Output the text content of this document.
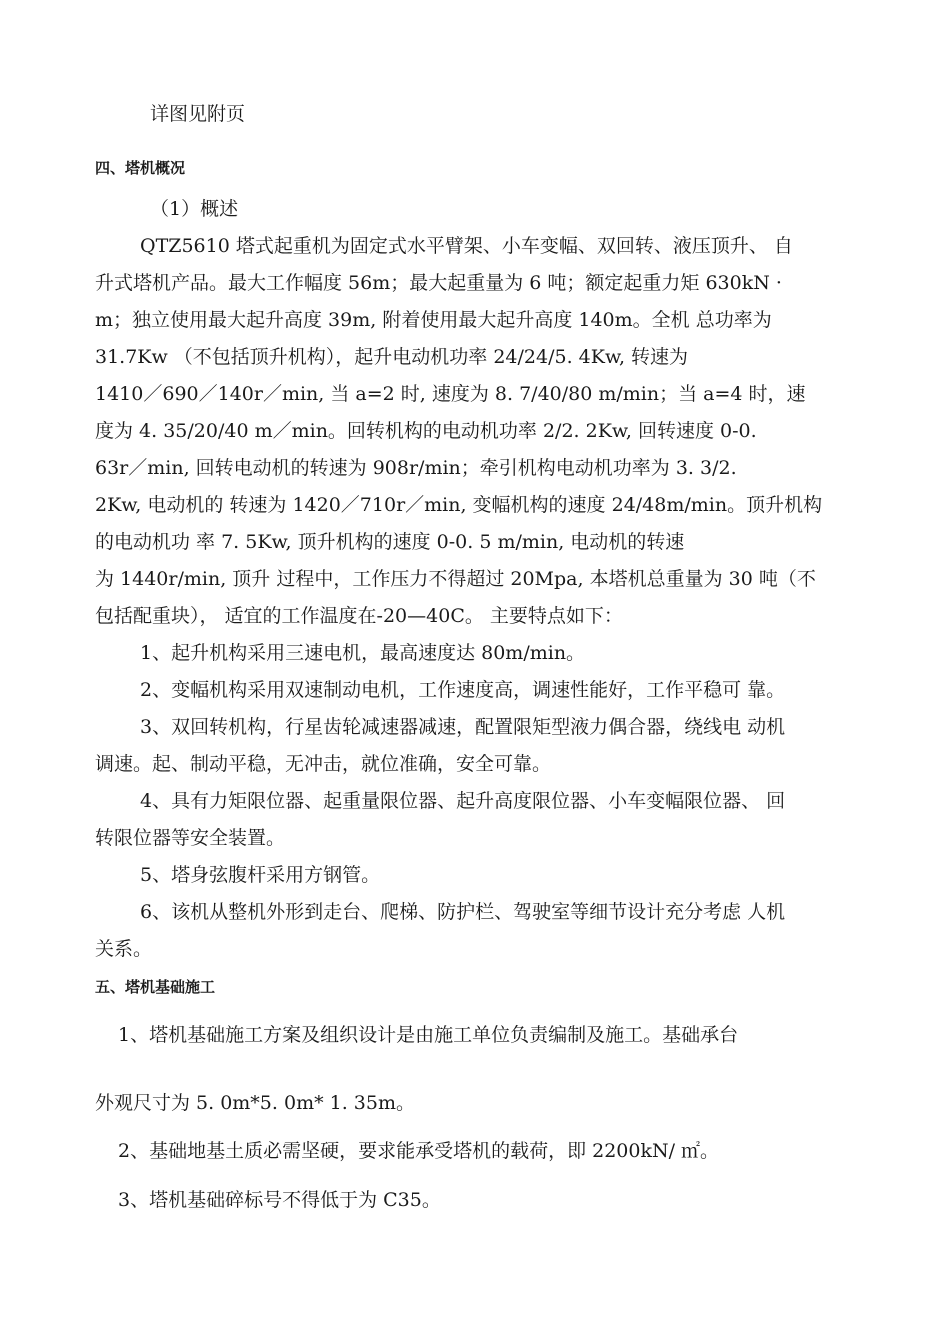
详图见附页
四、塔机概况
（1）概述
QTZ5610 塔式起重机为固定式水平臂架、小车变幅、双回转、液压顶升、 自
升式塔机产品。最大工作幅度 56m；最大起重量为 6 吨；额定起重力矩 630kN ·
m；独立使用最大起升高度 39m, 附着使用最大起升高度 140m。全机 总功率为
31.7Kw （不包括顶升机构），起升电动机功率 24/24/5. 4Kw, 转速为
1410／690／140r／min, 当 a=2 时, 速度为 8. 7/40/80 m/min；当 a=4 时，速
度为 4. 35/20/40 m／min。回转机构的电动机功率 2/2. 2Kw, 回转速度 0-0.
63r／min, 回转电动机的转速为 908r/min；牵引机构电动机功率为 3. 3/2.
2Kw, 电动机的 转速为 1420／710r／min, 变幅机构的速度 24/48m/min。顶升机构
的电动机功 率 7. 5Kw, 顶升机构的速度 0-0. 5 m/min, 电动机的转速
为 1440r/min, 顶升 过程中，工作压力不得超过 20Mpa, 本塔机总重量为 30 吨（不
包括配重块）， 适宜的工作温度在-20—40C。 主要特点如下：
1、起升机构采用三速电机，最高速度达 80m/min。
2、变幅机构采用双速制动电机，工作速度高，调速性能好，工作平稳可 靠。
3、双回转机构，行星齿轮减速器减速，配置限矩型液力偶合器，绕线电 动机
调速。起、制动平稳，无冲击，就位准确，安全可靠。
4、具有力矩限位器、起重量限位器、起升高度限位器、小车变幅限位器、 回
转限位器等安全装置。
5、塔身弦腹杆采用方钢管。
6、该机从整机外形到走台、爬梯、防护栏、驾驶室等细节设计充分考虑 人机
关系。
五、塔机基础施工
1、塔机基础施工方案及组织设计是由施工单位负责编制及施工。基础承台
外观尺寸为 5. 0m*5. 0m* 1. 35m。
2、基础地基土质必需坚硬，要求能承受塔机的载荷，即 2200kN/ ㎡。
3、塔机基础碎标号不得低于为 C35。
